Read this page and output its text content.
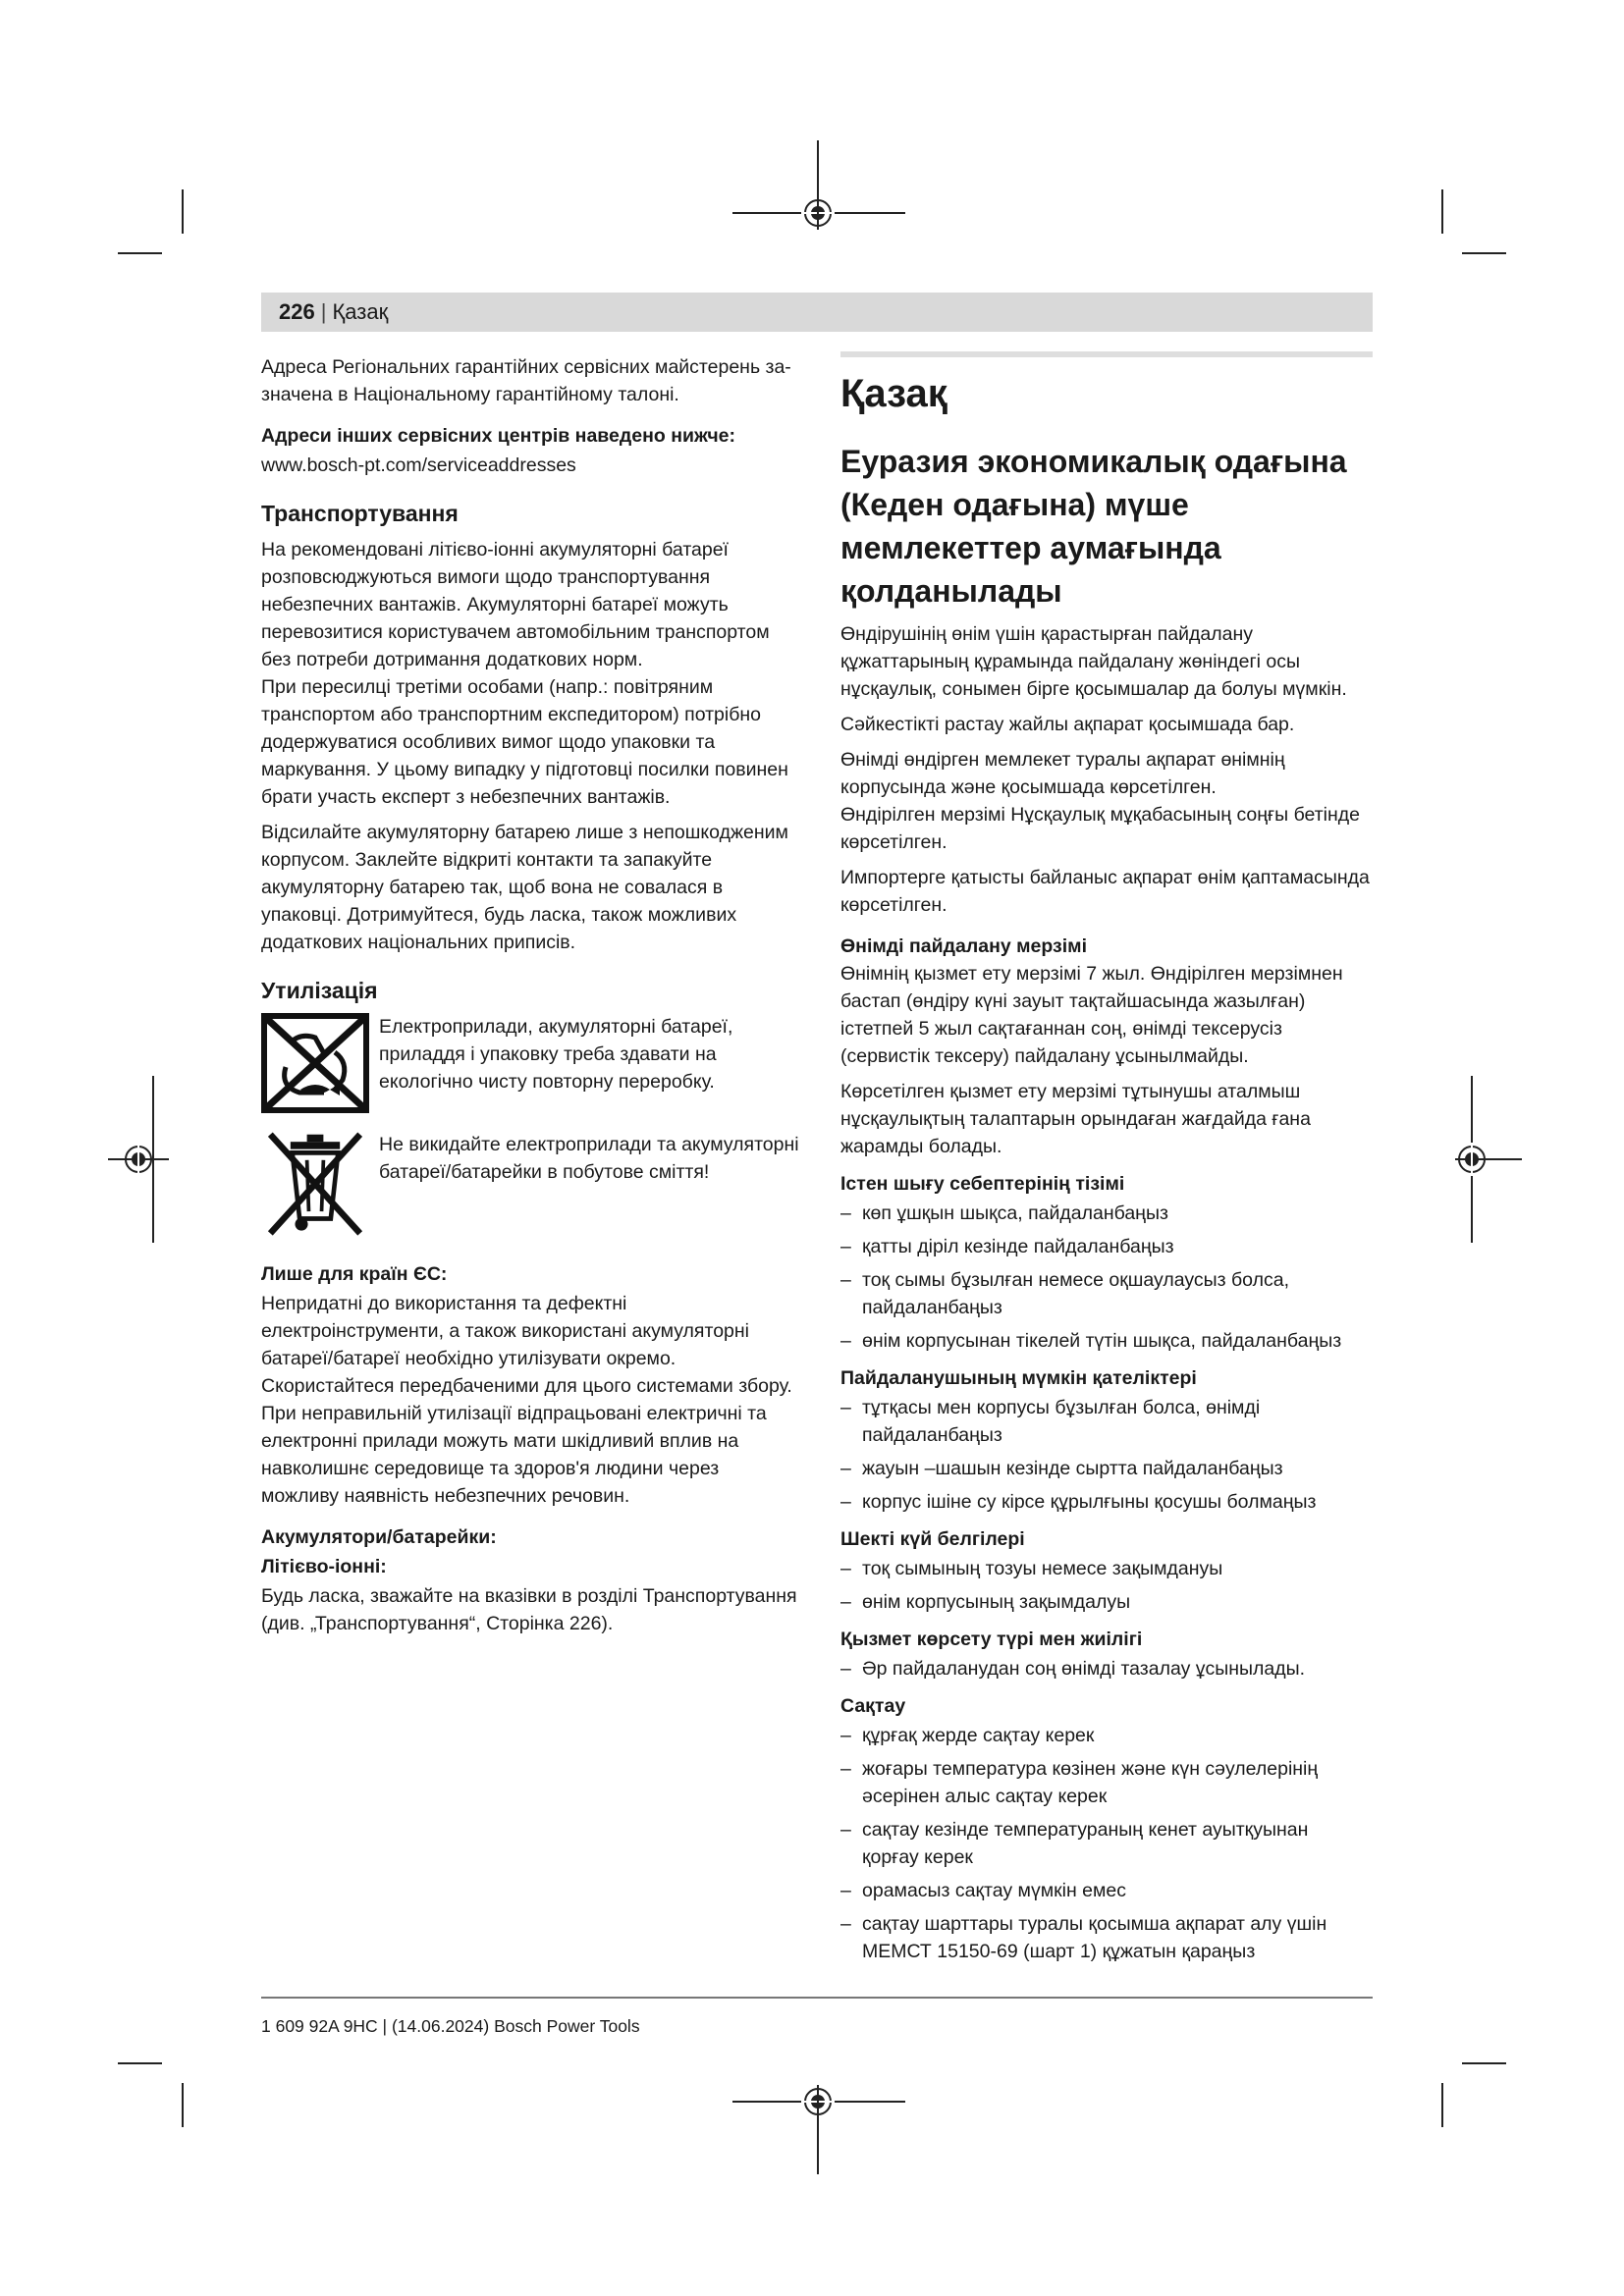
226 | Қазақ

Адреса Регіональних гарантійних сервісних майстерень за- значена в Національному гарантійному талоні.

Адреси інших сервісних центрів наведено нижче:

www.bosch-pt.com/serviceaddresses

Транспортування

На рекомендовані літієво-іонні акумуляторні батареї розповсюджуються вимоги щодо транспортування небезпечних вантажів. Акумуляторні батареї можуть перевозитися користувачем автомобільним транспортом без потреби дотримання додаткових норм.

При пересилці третіми особами (напр.: повітряним транспортом або транспортним експедитором) потрібно додержуватися особливих вимог щодо упаковки та маркування. У цьому випадку у підготовці посилки повинен брати участь експерт з небезпечних вантажів.

Відсилайте акумуляторну батарею лише з непошкодженим корпусом. Заклейте відкриті контакти та запакуйте акумуляторну батарею так, щоб вона не совалася в упаковці. Дотримуйтеся, будь ласка, також можливих додаткових національних приписів.

Утилізація

Електроприлади, акумуляторні батареї, приладдя і упаковку треба здавати на екологічно чисту повторну переробку.

Не викидайте електроприлади та акумуляторні батареї/батарейки в побутове сміття!

Лише для країн ЄС:

Непридатні до використання та дефектні електроінструменти, а також використані акумуляторні батареї/батареї необхідно утилізувати окремо. Скористайтеся передбаченими для цього системами збору.

При неправильній утилізації відпрацьовані електричні та електронні прилади можуть мати шкідливий вплив на навколишнє середовище та здоров'я людини через можливу наявність небезпечних речовин.

Акумулятори/батарейки:
Літієво-іонні:

Будь ласка, зважайте на вказівки в розділі Транспортування (див. „Транспортування“, Сторінка 226).

Қазақ

Еуразия экономикалық одағына (Кеден одағына) мүше мемлекеттер аумағында қолданылады

Өндірушінің өнім үшін қарастырған пайдалану құжаттарының құрамында пайдалану жөніндегі осы нұсқаулық, сонымен бірге қосымшалар да болуы мүмкін.

Сәйкестікті растау жайлы ақпарат қосымшада бар.

Өнімді өндірген мемлекет туралы ақпарат өнімнің корпусында және қосымшада көрсетілген.

Өндірілген мерзімі Нұсқаулық мұқабасының соңғы бетінде көрсетілген.

Импортерге қатысты байланыс ақпарат өнім қаптамасында көрсетілген.

Өнімді пайдалану мерзімі

Өнімнің қызмет ету мерзімі 7 жыл. Өндірілген мерзімнен бастап (өндіру күні зауыт тақтайшасында жазылған) істетпей 5 жыл сақтағаннан соң, өнімді тексерусіз (сервистік тексеру) пайдалану ұсынылмайды.

Көрсетілген қызмет ету мерзімі тұтынушы аталмыш нұсқаулықтың талаптарын орындаған жағдайда ғана жарамды болады.

Істен шығу себептерінің тізімі
– көп ұшқын шықса, пайдаланбаңыз
– қатты діріл кезінде пайдаланбаңыз
– тоқ сымы бұзылған немесе оқшаулаусыз болса, пайдаланбаңыз
– өнім корпусынан тікелей түтін шықса, пайдаланбаңыз
Пайдаланушының мүмкін қателіктері
– тұтқасы мен корпусы бұзылған болса, өнімді пайдаланбаңыз
– жауын –шашын кезінде сыртта пайдаланбаңыз
– корпус ішіне су кірсе құрылғыны қосушы болмаңыз
Шекті күй белгілері
– тоқ сымының тозуы немесе зақымдануы
– өнім корпусының зақымдалуы
Қызмет көрсету түрі мен жиілігі
– Әр пайдаланудан соң өнімді тазалау ұсынылады.
Сақтау
– құрғақ жерде сақтау керек
– жоғары температура көзінен және күн сәулелерінің әсерінен алыс сақтау керек
– сақтау кезінде температураның кенет ауытқуынан қорғау керек
– орамасыз сақтау мүмкін емес
– сақтау шарттары туралы қосымша ақпарат алу үшін МЕМСТ 15150-69 (шарт 1) құжатын қараңыз
1 609 92A 9HC | (14.06.2024) Bosch Power Tools
